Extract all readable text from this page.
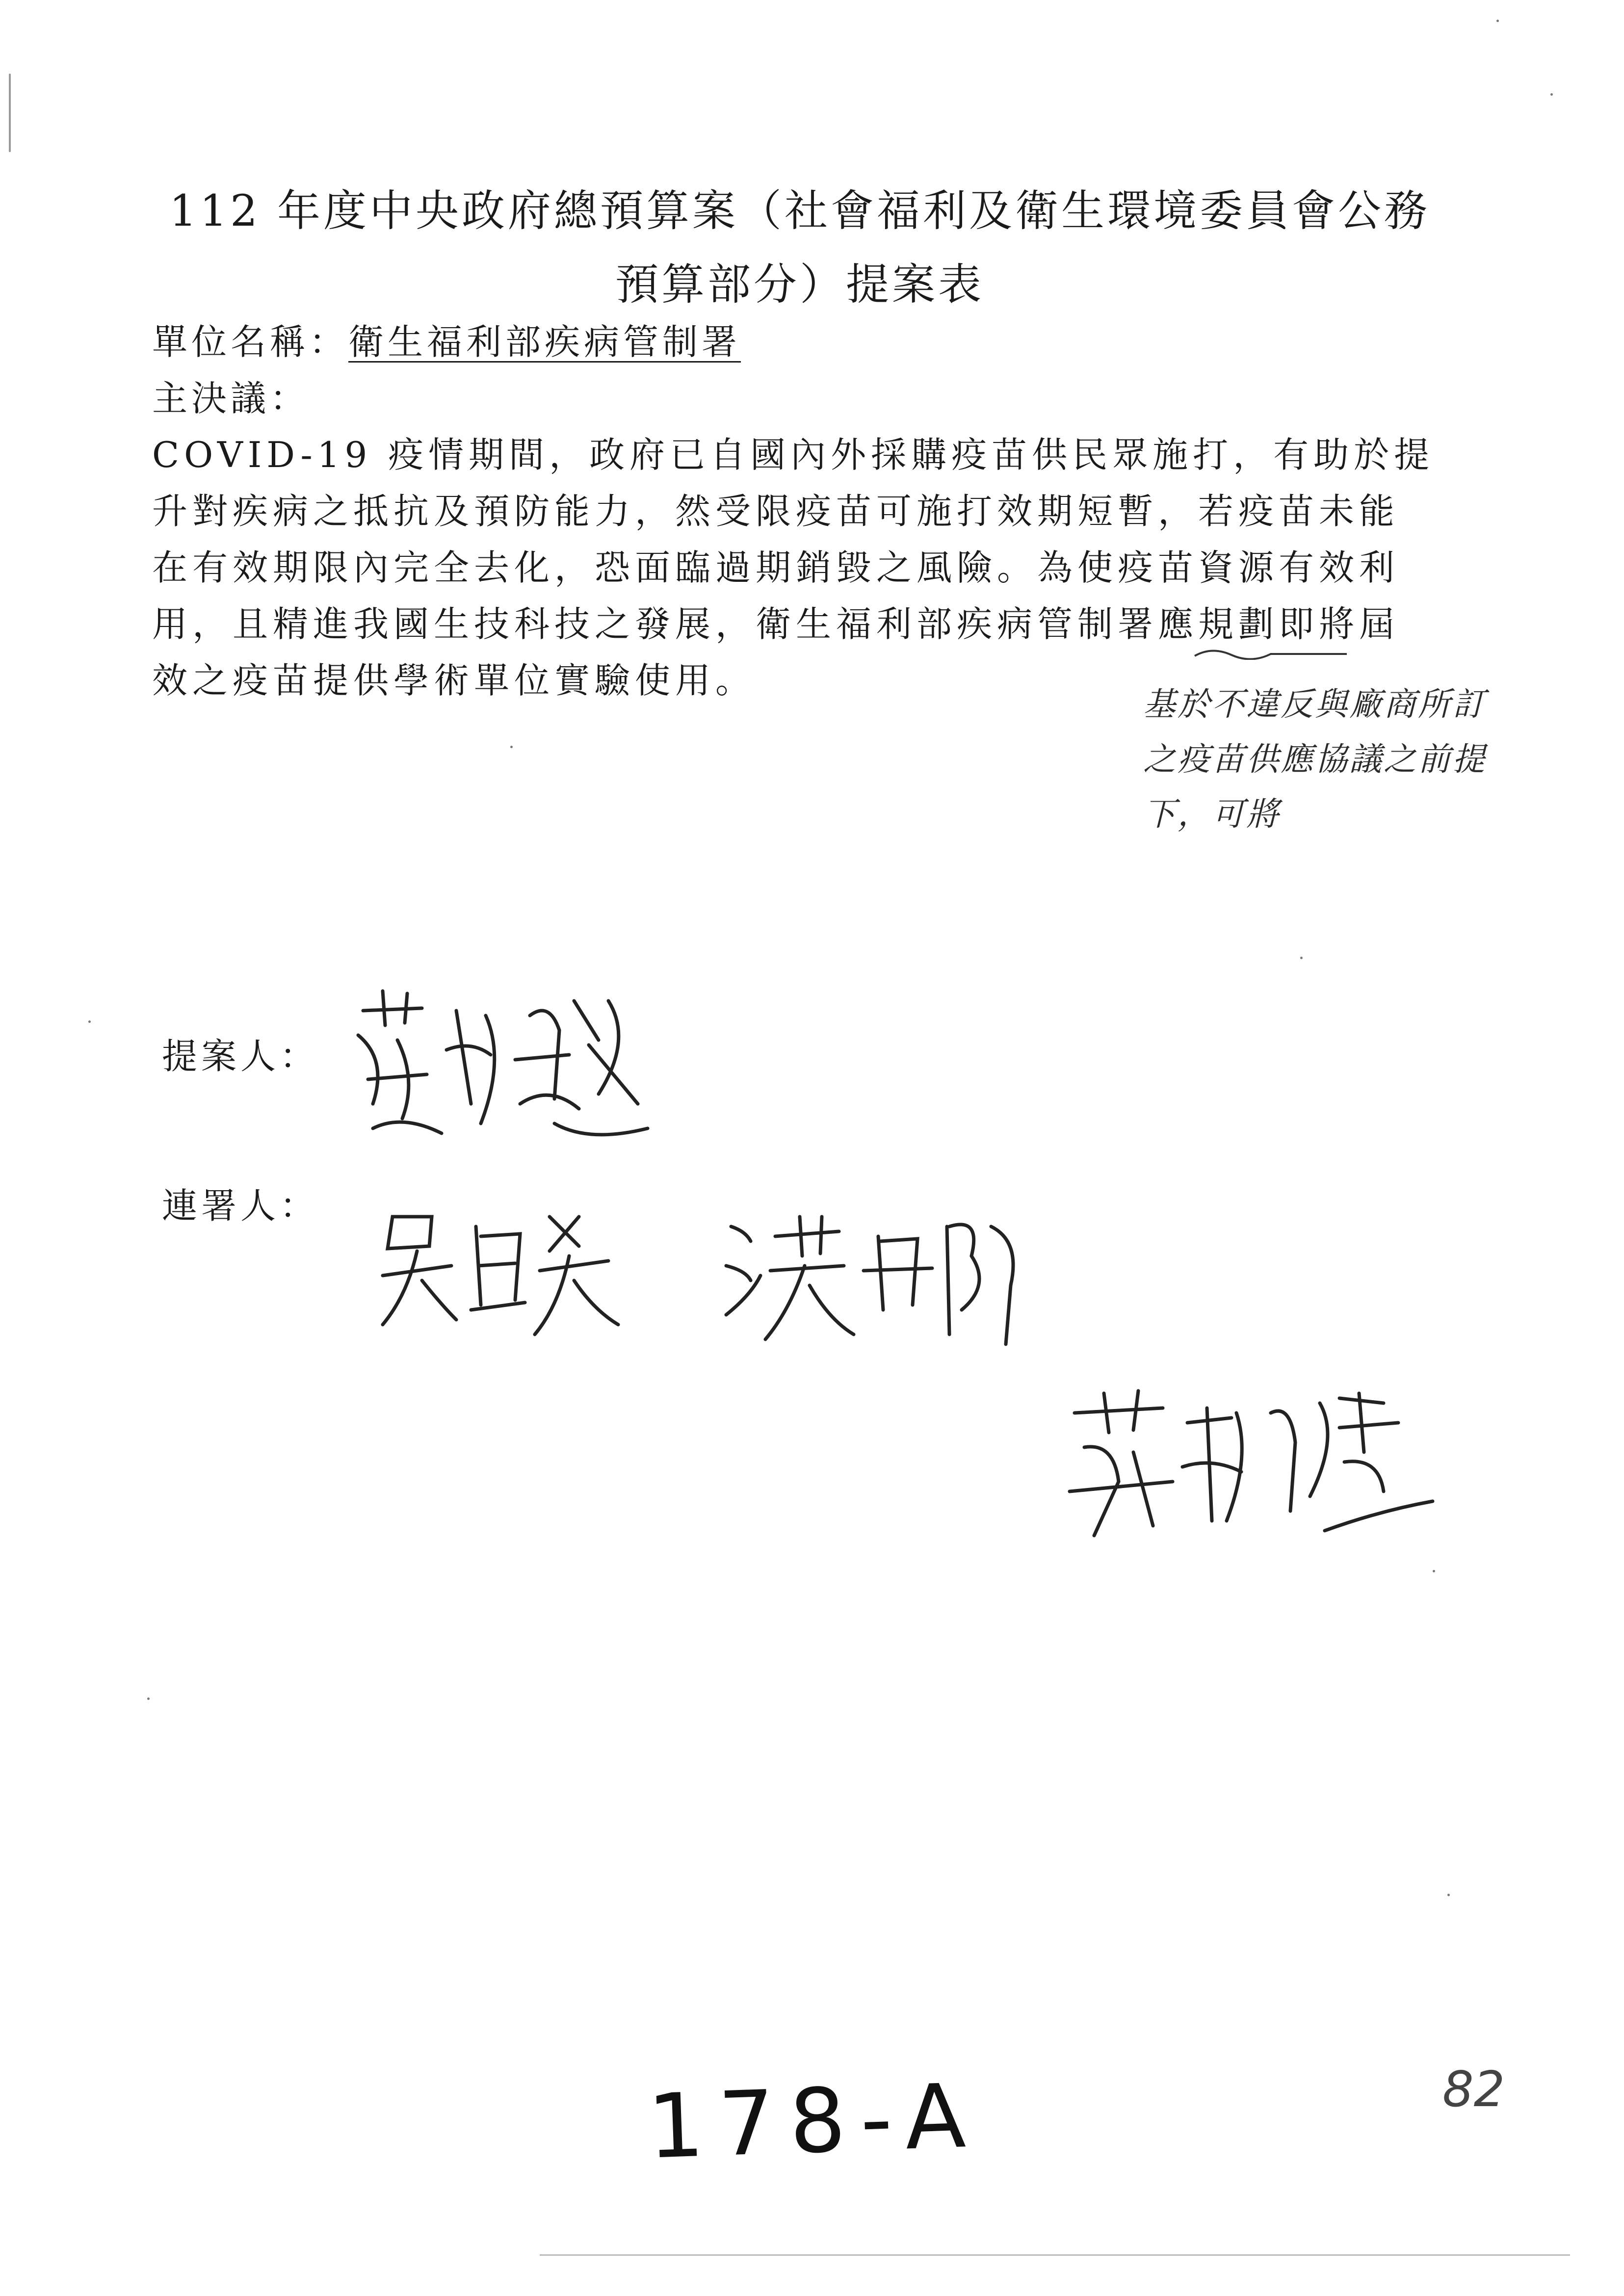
112 年度中央政府總預算案（社會福利及衛生環境委員會公務
預算部分）提案表
單位名稱：衛生福利部疾病管制署
主決議：
COVID-19 疫情期間，政府已自國內外採購疫苗供民眾施打，有助於提
升對疾病之抵抗及預防能力，然受限疫苗可施打效期短暫，若疫苗未能
在有效期限內完全去化，恐面臨過期銷毀之風險。為使疫苗資源有效利
用，且精進我國生技科技之發展，衛生福利部疾病管制署應規劃即將屆
效之疫苗提供學術單位實驗使用。
基於不違反與廠商所訂
之疫苗供應協議之前提
下，可將
提案人：
連署人：
178-A	82
